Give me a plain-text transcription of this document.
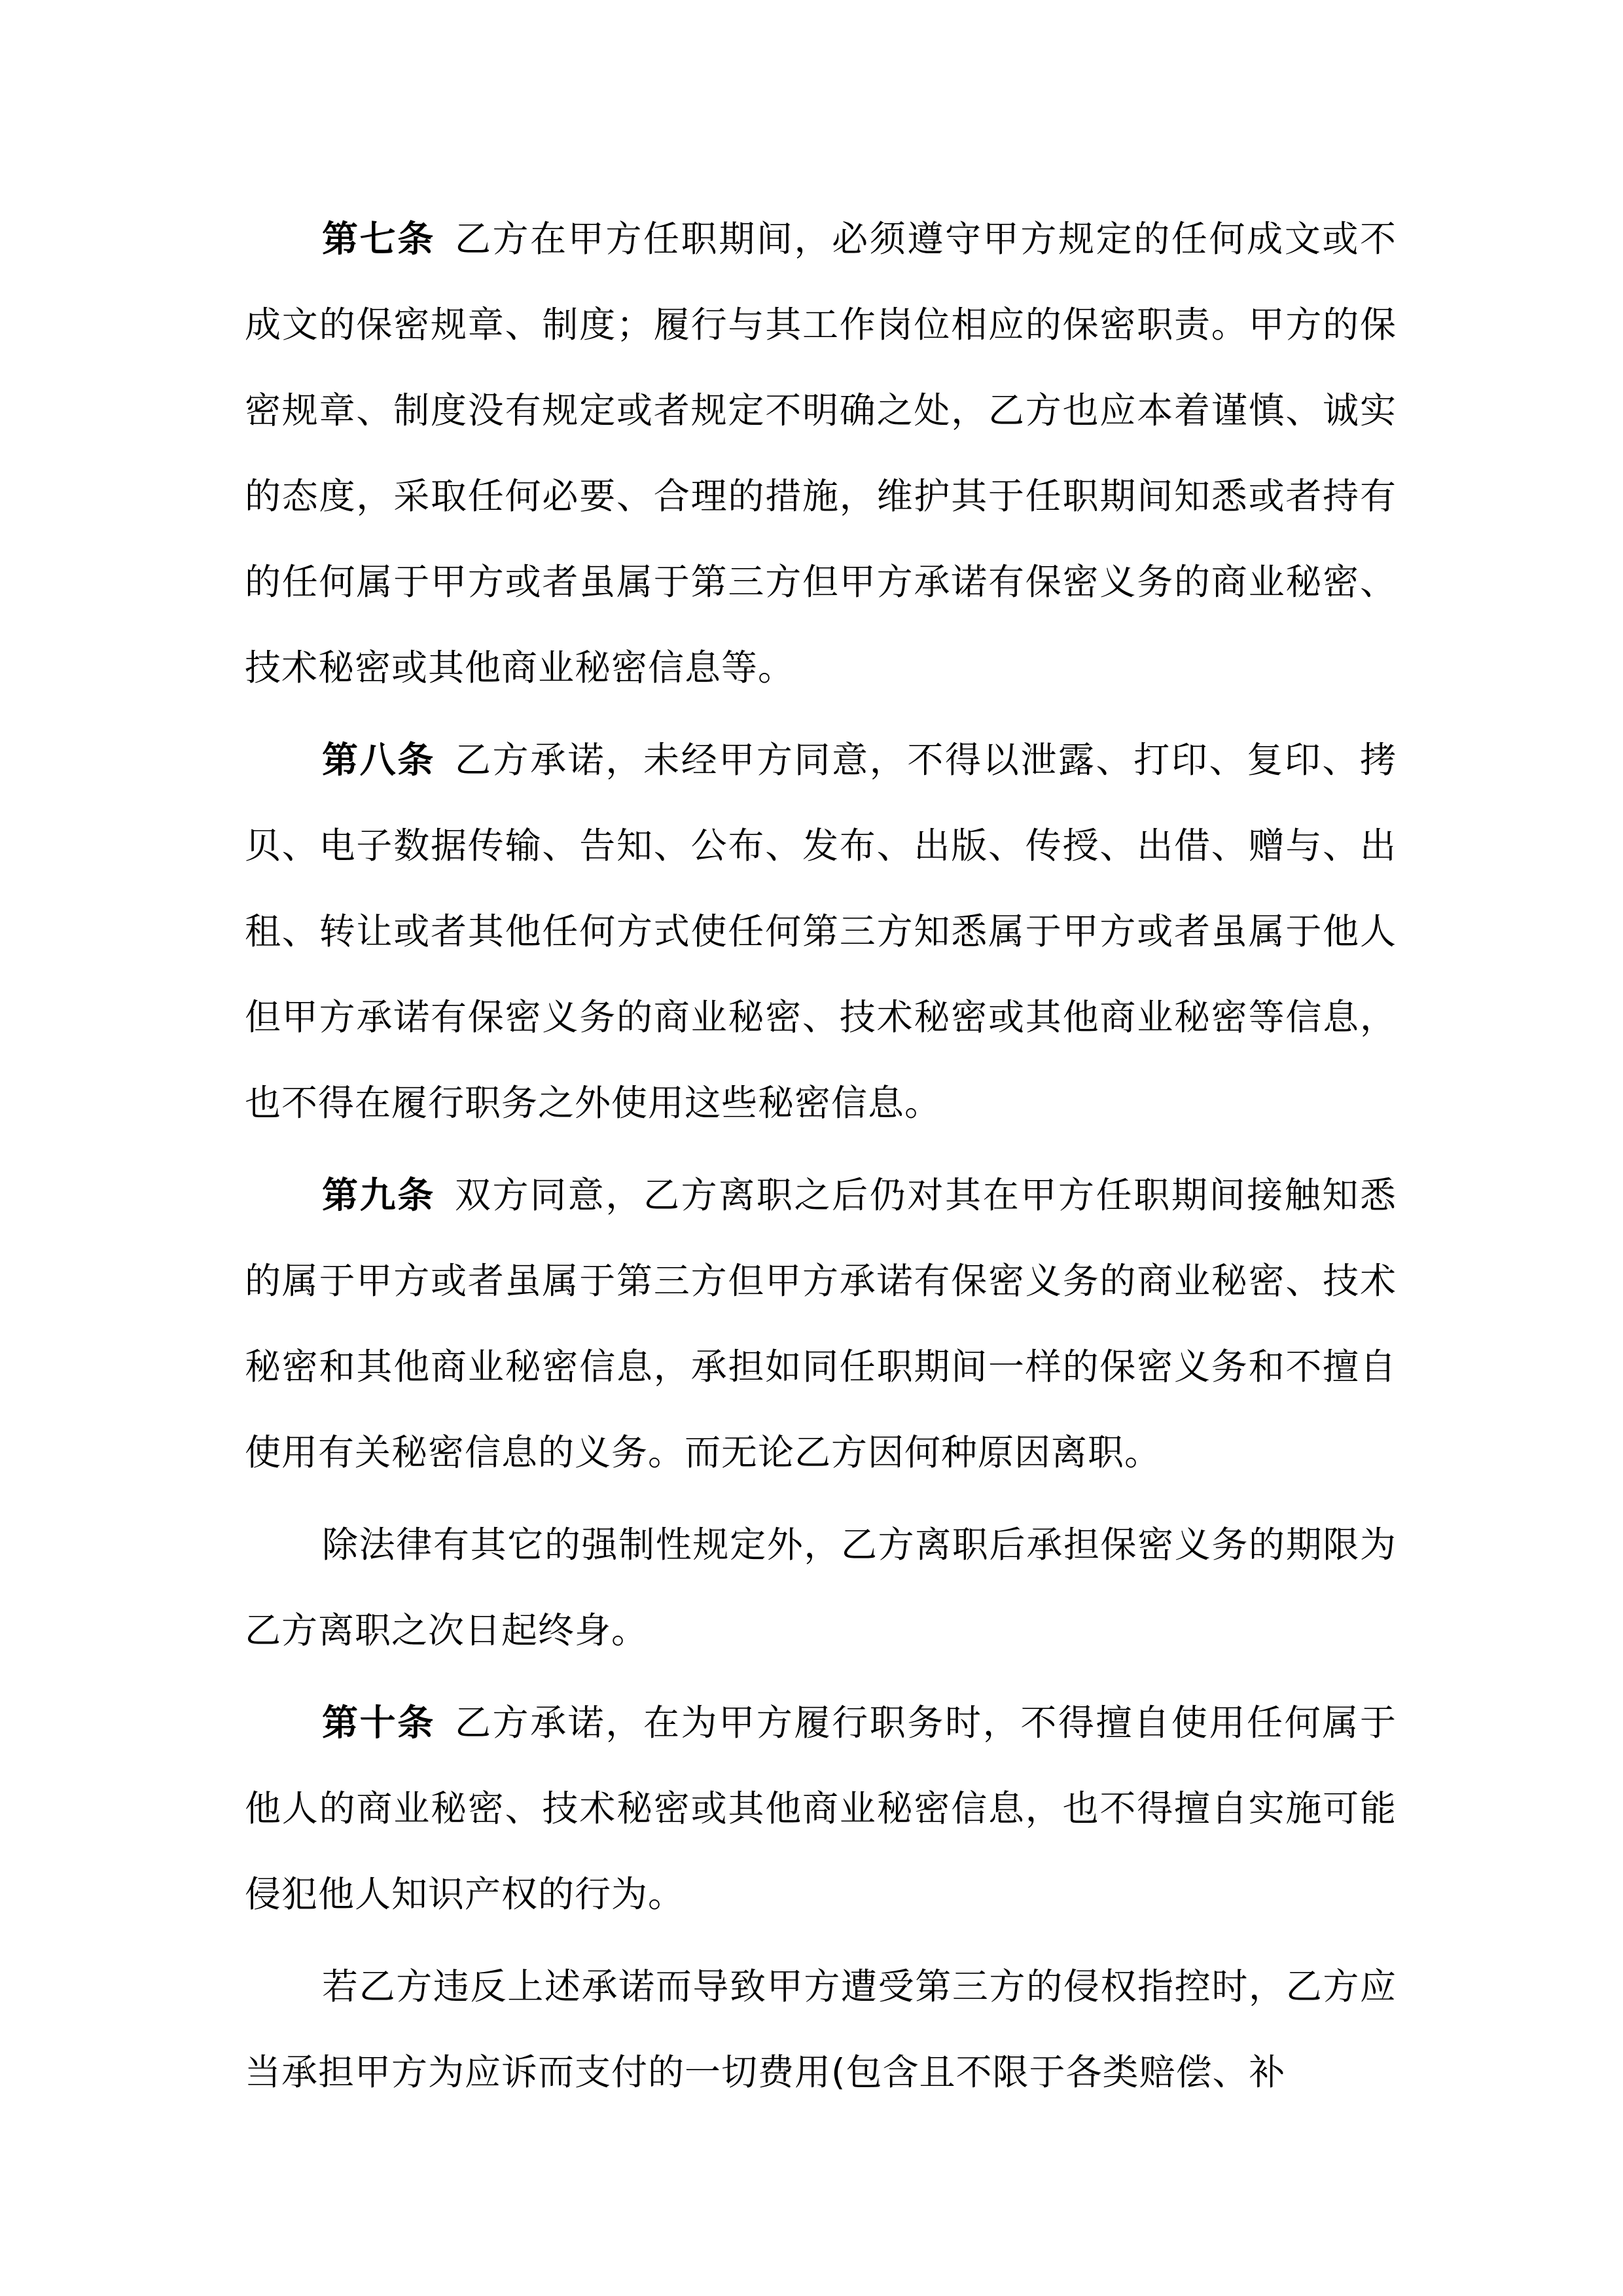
第七条 乙方在甲方任职期间，必须遵守甲方规定的任何成文或不成文的保密规章、制度；履行与其工作岗位相应的保密职责。甲方的保密规章、制度没有规定或者规定不明确之处，乙方也应本着谨慎、诚实的态度，采取任何必要、合理的措施，维护其于任职期间知悉或者持有的任何属于甲方或者虽属于第三方但甲方承诺有保密义务的商业秘密、技术秘密或其他商业秘密信息等。

第八条 乙方承诺，未经甲方同意，不得以泄露、打印、复印、拷贝、电子数据传输、告知、公布、发布、出版、传授、出借、赠与、出租、转让或者其他任何方式使任何第三方知悉属于甲方或者虽属于他人但甲方承诺有保密义务的商业秘密、技术秘密或其他商业秘密等信息，也不得在履行职务之外使用这些秘密信息。

第九条 双方同意，乙方离职之后仍对其在甲方任职期间接触知悉的属于甲方或者虽属于第三方但甲方承诺有保密义务的商业秘密、技术秘密和其他商业秘密信息，承担如同任职期间一样的保密义务和不擅自使用有关秘密信息的义务。而无论乙方因何种原因离职。

除法律有其它的强制性规定外，乙方离职后承担保密义务的期限为乙方离职之次日起终身。

第十条 乙方承诺，在为甲方履行职务时，不得擅自使用任何属于他人的商业秘密、技术秘密或其他商业秘密信息，也不得擅自实施可能侵犯他人知识产权的行为。

若乙方违反上述承诺而导致甲方遭受第三方的侵权指控时，乙方应当承担甲方为应诉而支付的一切费用(包含且不限于各类赔偿、补
